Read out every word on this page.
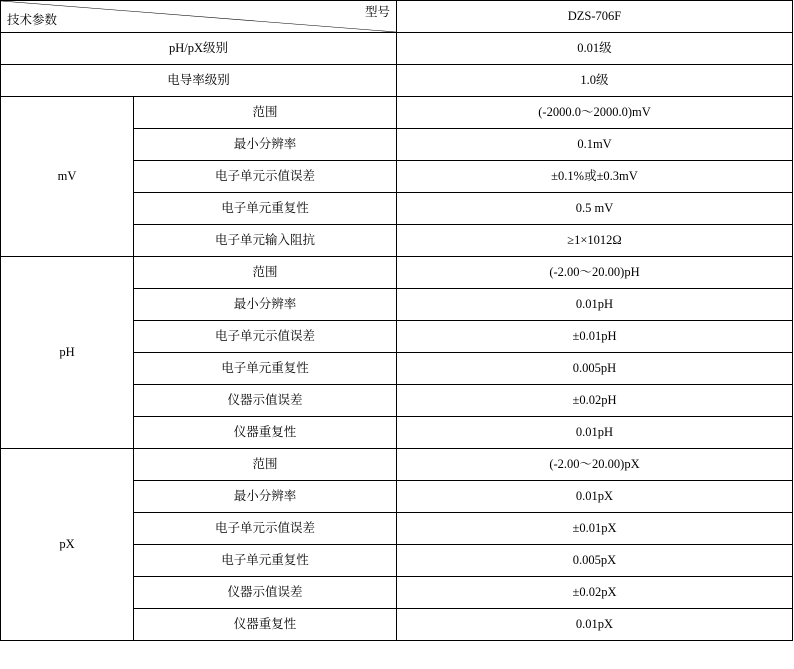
型号
技术参数		DZS-706F
pH/pX级别		0.01级
电导率级别		1.0级
mV	范围	(-2000.0～2000.0)mV
	最小分辨率	0.1mV
	电子单元示值误差	±0.1%或±0.3mV
	电子单元重复性	0.5 mV
	电子单元输入阻抗	≥1×1012Ω
pH	范围	(-2.00～20.00)pH
	最小分辨率	0.01pH
	电子单元示值误差	±0.01pH
	电子单元重复性	0.005pH
	仪器示值误差	±0.02pH
	仪器重复性	0.01pH
pX	范围	(-2.00～20.00)pX
	最小分辨率	0.01pX
	电子单元示值误差	±0.01pX
	电子单元重复性	0.005pX
	仪器示值误差	±0.02pX
	仪器重复性	0.01pX
